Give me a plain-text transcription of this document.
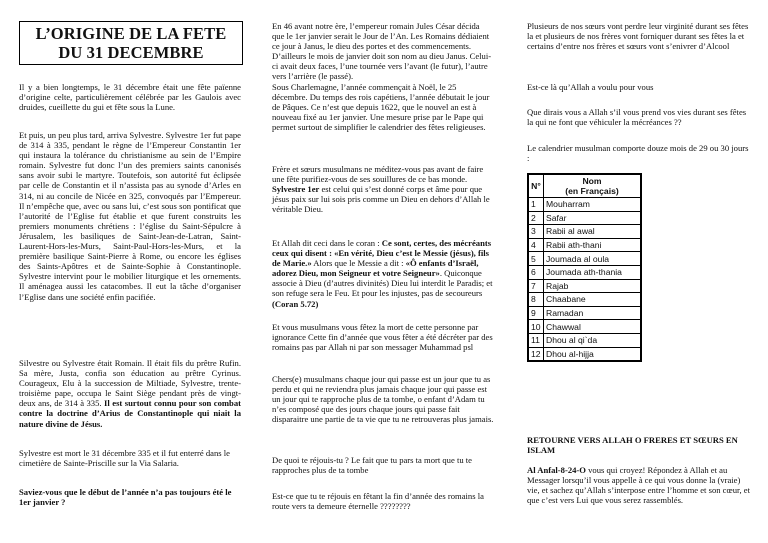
L’ORIGINE DE LA FETE
DU 31 DECEMBRE

Il y a bien longtemps, le 31 décembre était une fête païenne d’origine celte, particulièrement célébrée par les Gaulois avec druides, cueillette du gui et fête sous la Lune.

Et puis, un peu plus tard, arriva Sylvestre. Sylvestre 1er fut pape de 314 à 335, pendant le règne de l’Empereur Constantin 1er qui instaura la tolérance du christianisme au sein de l’Empire romain. Sylvestre fut donc l’un des premiers saints canonisés sans avoir subi le martyre. Toutefois, son autorité fut éclipsée par celle de Constantin et il n’assista pas au synode d’Arles en 314, ni au concile de Nicée en 325, convoqués par l’Empereur. Il n’empêche que, avec ou sans lui, c’est sous son pontificat que l’autorité de l’Eglise fut établie et que furent construits les premiers monuments chrétiens : l’église du Saint-Sépulcre à Jérusalem, les basiliques de Saint-Jean-de-Latran, Saint-Laurent-Hors-les-Murs, Saint-Paul-Hors-les-Murs, et la première basilique Saint-Pierre à Rome, ou encore les églises des Saints-Apôtres et de Sainte-Sophie à Constantinople. Sylvestre intervint pour le mobilier liturgique et les ornements. Il aménagea aussi les catacombes. Il eut la tâche d’organiser l’Eglise dans une société enfin pacifiée.

Silvestre ou Sylvestre était Romain. Il était fils du prêtre Rufin. Sa mère, Justa, confia son éducation au prêtre Cyrinus. Courageux, Elu à la succession de Miltiade, Sylvestre, trente-troisième pape, occupa le Saint Siège pendant près de vingt-deux ans, de 314 à 335. Il est surtout connu pour son combat contre la doctrine d’Arius de Constantinople qui niait la nature divine de Jésus.

Sylvestre est mort le 31 décembre 335 et il fut enterré dans le cimetière de Sainte-Priscille sur la Via Salaria.

Saviez-vous que le début de l’année n’a pas toujours été le 1er janvier ?

En 46 avant notre ère, l’empereur romain Jules César décida que le 1er janvier serait le Jour de l’An. Les Romains dédiaient ce jour à Janus, le dieu des portes et des commencements. D’ailleurs le mois de janvier doit son nom au dieu Janus. Celui-ci avait deux faces, l’une tournée vers l’avant (le futur), l’autre vers l’arrière (le passé).
Sous Charlemagne, l’année commençait à Noël, le 25 décembre. Du temps des rois capétiens, l’année débutait le jour de Pâques. Ce n’est que depuis 1622, que le nouvel an est à nouveau fixé au 1er janvier. Une mesure prise par le Pape qui permet surtout de simplifier le calendrier des fêtes religieuses.

Frère et sœurs musulmans ne méditez-vous pas avant de faire une fête purifiez-vous de ses souillures de ce bas monde.
Sylvestre 1er est celui qui s’est donné corps et âme pour que jésus paix sur lui sois pris comme un Dieu en dehors d’Allah le véritable Dieu.

Et Allah dit ceci dans le coran : Ce sont, certes, des mécréants ceux qui disent : «En vérité, Dieu c’est le Messie (jésus), fils de Marie.» Alors que le Messie a dit : «Ô enfants d’Israël, adorez Dieu, mon Seigneur et votre Seigneur». Quiconque associe à Dieu (d’autres divinités) Dieu lui interdit le Paradis; et son refuge sera le Feu. Et pour les injustes, pas de secoureurs (Coran 5.72)

Et vous musulmans vous fêtez la mort de cette personne par ignorance Cette fin d’année que vous fêter a été décréter par des romains pas par Allah ni par son messager Muhammad psl

Chers(e) musulmans chaque jour qui passe est un jour que tu as perdu et qui ne reviendra plus jamais chaque jour qui passe est un jour qui te rapproche plus de ta tombe, o enfant d’Adam tu n’es composé que des jours chaque jours qui passe fait disparaitre une partie de ta vie que tu ne retrouveras plus jamais.

De quoi te réjouis-tu ? Le fait que tu pars ta mort que tu te rapproches plus de ta tombe

Est-ce que tu te réjouis en fêtant la fin d’année des romains la route vers ta demeure éternelle ????????

Plusieurs de nos sœurs vont perdre leur virginité durant ses fêtes la et plusieurs de nos frères vont forniquer durant ses fêtes la et certains d’entre nos frères et sœurs vont s’enivrer d’Alcool

Est-ce là qu’Allah a voulu pour vous

Que dirais vous a Allah s’il vous prend vos vies durant ses fêtes la qui ne font que véhiculer la mécréances ??

Le calendrier musulman comporte douze mois de 29 ou 30 jours :

N°	Nom
(en Français)
1	Mouharram
2	Safar
3	Rabii al awal
4	Rabii ath-thani
5	Joumada al oula
6	Joumada ath-thania
7	Rajab
8	Chaabane
9	Ramadan
10	Chawwal
11	Dhou al qi`da
12	Dhou al-hijja

RETOURNE VERS ALLAH O FRERES ET SŒURS EN ISLAM

Al Anfal-8-24-O vous qui croyez! Répondez à Allah et au Messager lorsqu’il vous appelle à ce qui vous donne la (vraie) vie, et sachez qu’Allah s’interpose entre l’homme et son cœur, et que c’est vers Lui que vous serez rassemblés.
